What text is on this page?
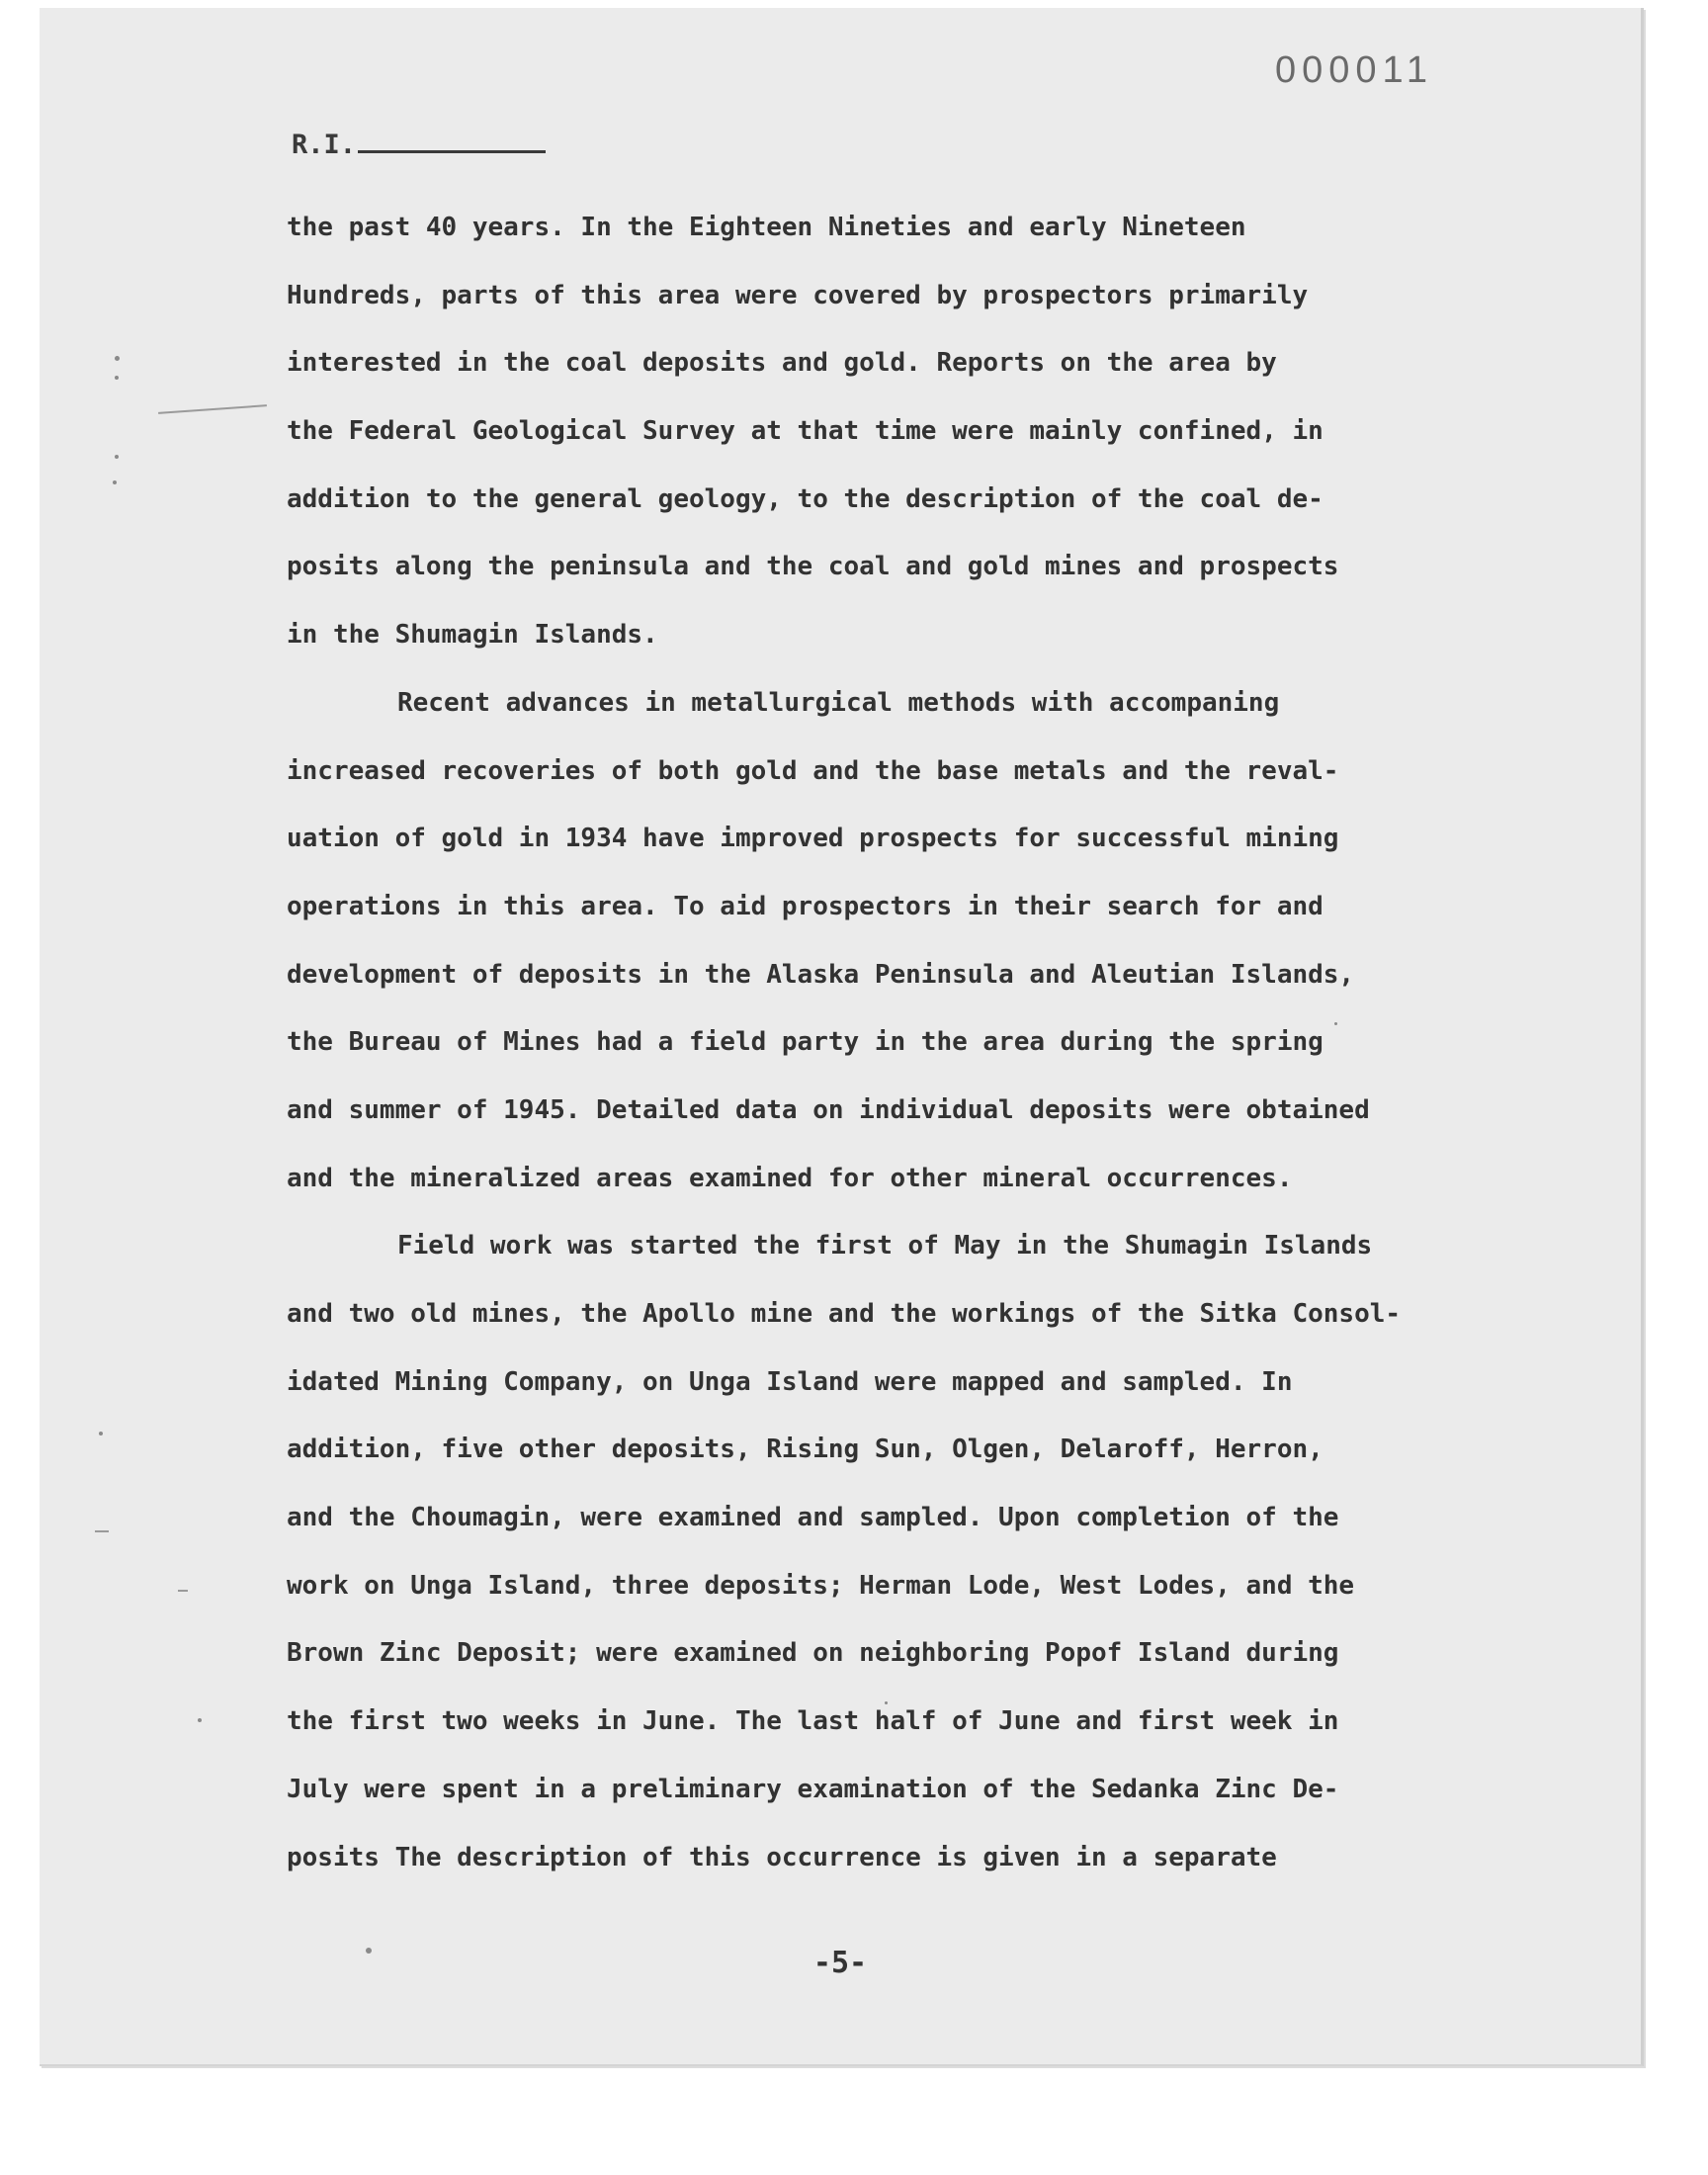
000011
R.I.
the past 40 years. In the Eighteen Nineties and early Nineteen
Hundreds, parts of this area were covered by prospectors primarily
interested in the coal deposits and gold. Reports on the area by
the Federal Geological Survey at that time were mainly confined, in
addition to the general geology, to the description of the coal de-
posits along the peninsula and the coal and gold mines and prospects
in the Shumagin Islands.
Recent advances in metallurgical methods with accompaning
increased recoveries of both gold and the base metals and the reval-
uation of gold in 1934 have improved prospects for successful mining
operations in this area. To aid prospectors in their search for and
development of deposits in the Alaska Peninsula and Aleutian Islands,
the Bureau of Mines had a field party in the area during the spring
and summer of 1945. Detailed data on individual deposits were obtained
and the mineralized areas examined for other mineral occurrences.
Field work was started the first of May in the Shumagin Islands
and two old mines, the Apollo mine and the workings of the Sitka Consol-
idated Mining Company, on Unga Island were mapped and sampled. In
addition, five other deposits, Rising Sun, Olgen, Delaroff, Herron,
and the Choumagin, were examined and sampled. Upon completion of the
work on Unga Island, three deposits; Herman Lode, West Lodes, and the
Brown Zinc Deposit; were examined on neighboring Popof Island during
the first two weeks in June. The last half of June and first week in
July were spent in a preliminary examination of the Sedanka Zinc De-
posits The description of this occurrence is given in a separate
-5-
